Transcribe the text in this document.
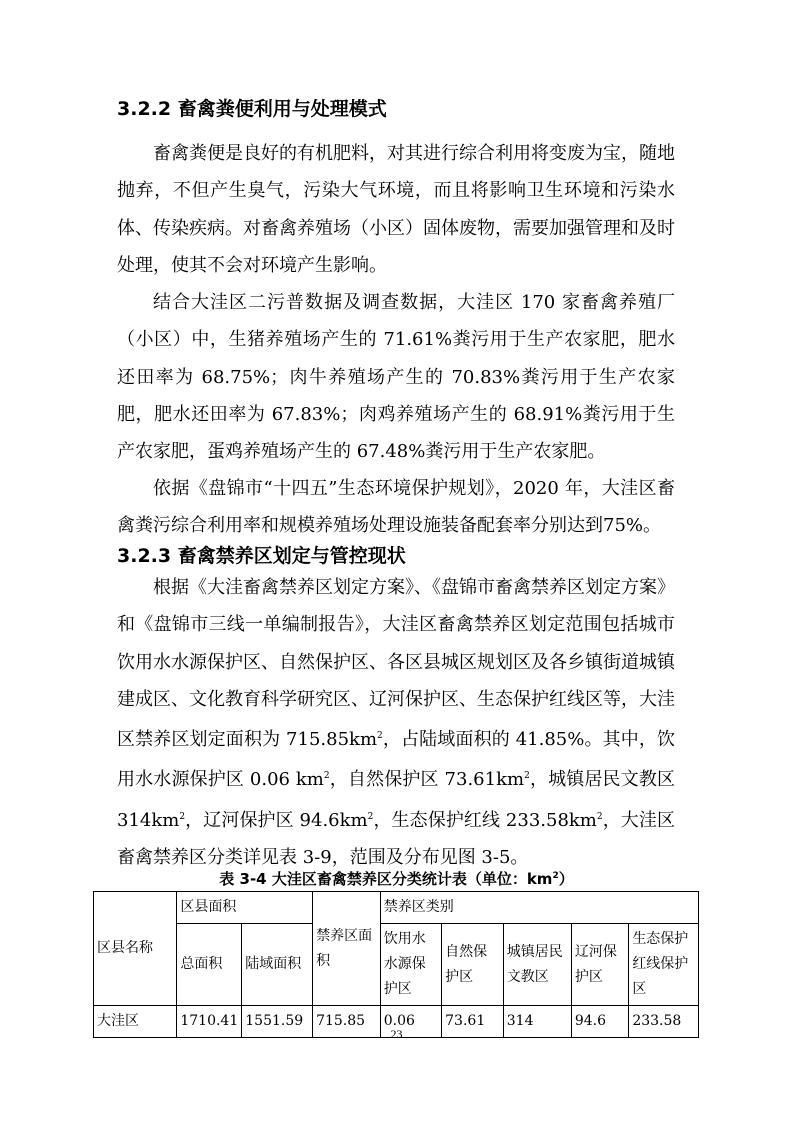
3.2.2 畜禽粪便利用与处理模式

畜禽粪便是良好的有机肥料，对其进行综合利用将变废为宝，随地抛弃，不但产生臭气，污染大气环境，而且将影响卫生环境和污染水体、传染疾病。对畜禽养殖场（小区）固体废物，需要加强管理和及时处理，使其不会对环境产生影响。

结合大洼区二污普数据及调查数据，大洼区 170 家畜禽养殖厂（小区）中，生猪养殖场产生的 71.61%粪污用于生产农家肥，肥水还田率为 68.75%；肉牛养殖场产生的 70.83%粪污用于生产农家肥，肥水还田率为 67.83%；肉鸡养殖场产生的 68.91%粪污用于生产农家肥，蛋鸡养殖场产生的 67.48%粪污用于生产农家肥。

依据《盘锦市“十四五”生态环境保护规划》，2020 年，大洼区畜禽粪污综合利用率和规模养殖场处理设施装备配套率分别达到75%。

3.2.3 畜禽禁养区划定与管控现状

根据《大洼畜禽禁养区划定方案》、《盘锦市畜禽禁养区划定方案》和《盘锦市三线一单编制报告》，大洼区畜禽禁养区划定范围包括城市饮用水水源保护区、自然保护区、各区县城区规划区及各乡镇街道城镇建成区、文化教育科学研究区、辽河保护区、生态保护红线区等，大洼区禁养区划定面积为 $715.85km^2$，占陆域面积的 41.85%。其中，饮用水水源保护区 0.06 $km^2$，自然保护区 $73.61km^2$，城镇居民文教区 $314km^2$，辽河保护区 $94.6km^2$，生态保护红线 $233.58km^2$，大洼区畜禽禁养区分类详见表 3-9，范围及分布见图 3-5。

表 3-4 大洼区畜禽禁养区分类统计表（单位：$km^2$）
区县名称	区县面积		禁养区面积	禁养区类别				
	总面积	陆域面积		饮用水水源保护区	自然保护区	城镇居民文教区	辽河保护区	生态保护红线保护区
大洼区	1710.41	1551.59	715.85	0.06	73.61	314	94.6	233.58
23
